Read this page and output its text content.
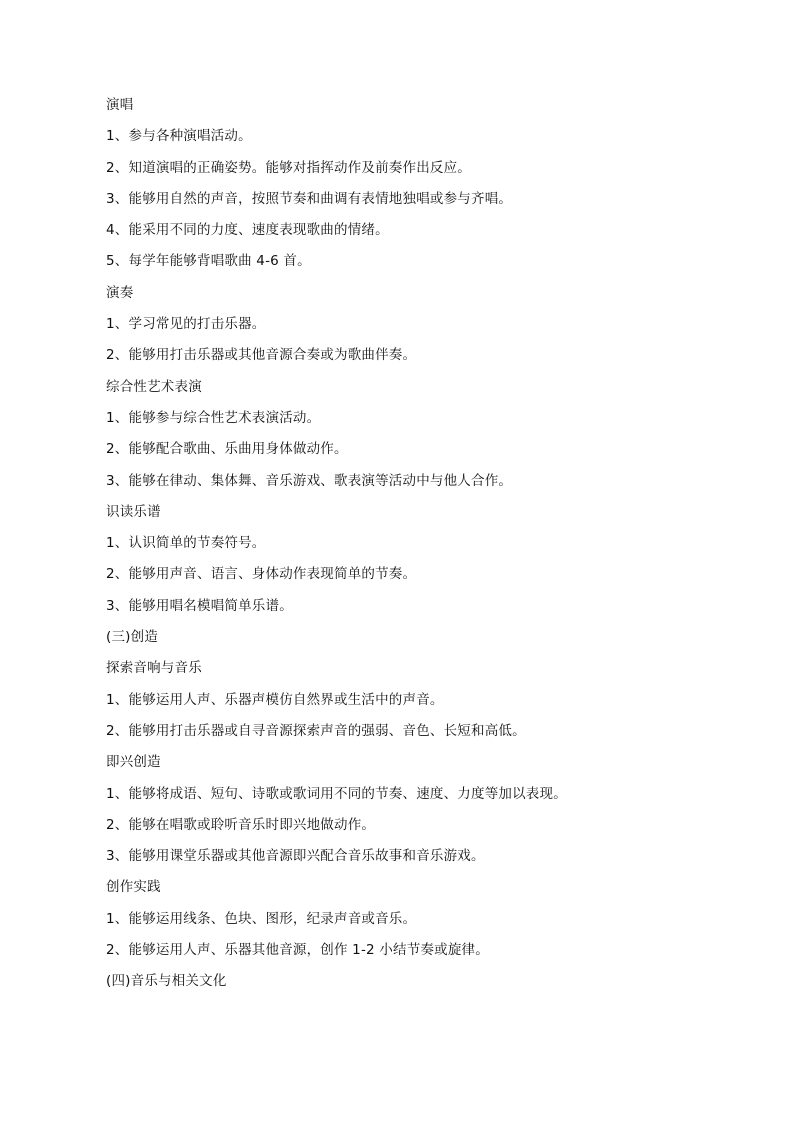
演唱
1、参与各种演唱活动。
2、知道演唱的正确姿势。能够对指挥动作及前奏作出反应。
3、能够用自然的声音，按照节奏和曲调有表情地独唱或参与齐唱。
4、能采用不同的力度、速度表现歌曲的情绪。
5、每学年能够背唱歌曲 4-6 首。
演奏
1、学习常见的打击乐器。
2、能够用打击乐器或其他音源合奏或为歌曲伴奏。
综合性艺术表演
1、能够参与综合性艺术表演活动。
2、能够配合歌曲、乐曲用身体做动作。
3、能够在律动、集体舞、音乐游戏、歌表演等活动中与他人合作。
识读乐谱
1、认识简单的节奏符号。
2、能够用声音、语言、身体动作表现简单的节奏。
3、能够用唱名模唱简单乐谱。
(三)创造
探索音响与音乐
1、能够运用人声、乐器声模仿自然界或生活中的声音。
2、能够用打击乐器或自寻音源探索声音的强弱、音色、长短和高低。
即兴创造
1、能够将成语、短句、诗歌或歌词用不同的节奏、速度、力度等加以表现。
2、能够在唱歌或聆听音乐时即兴地做动作。
3、能够用课堂乐器或其他音源即兴配合音乐故事和音乐游戏。
创作实践
1、能够运用线条、色块、图形，纪录声音或音乐。
2、能够运用人声、乐器其他音源，创作 1-2 小结节奏或旋律。
(四)音乐与相关文化
